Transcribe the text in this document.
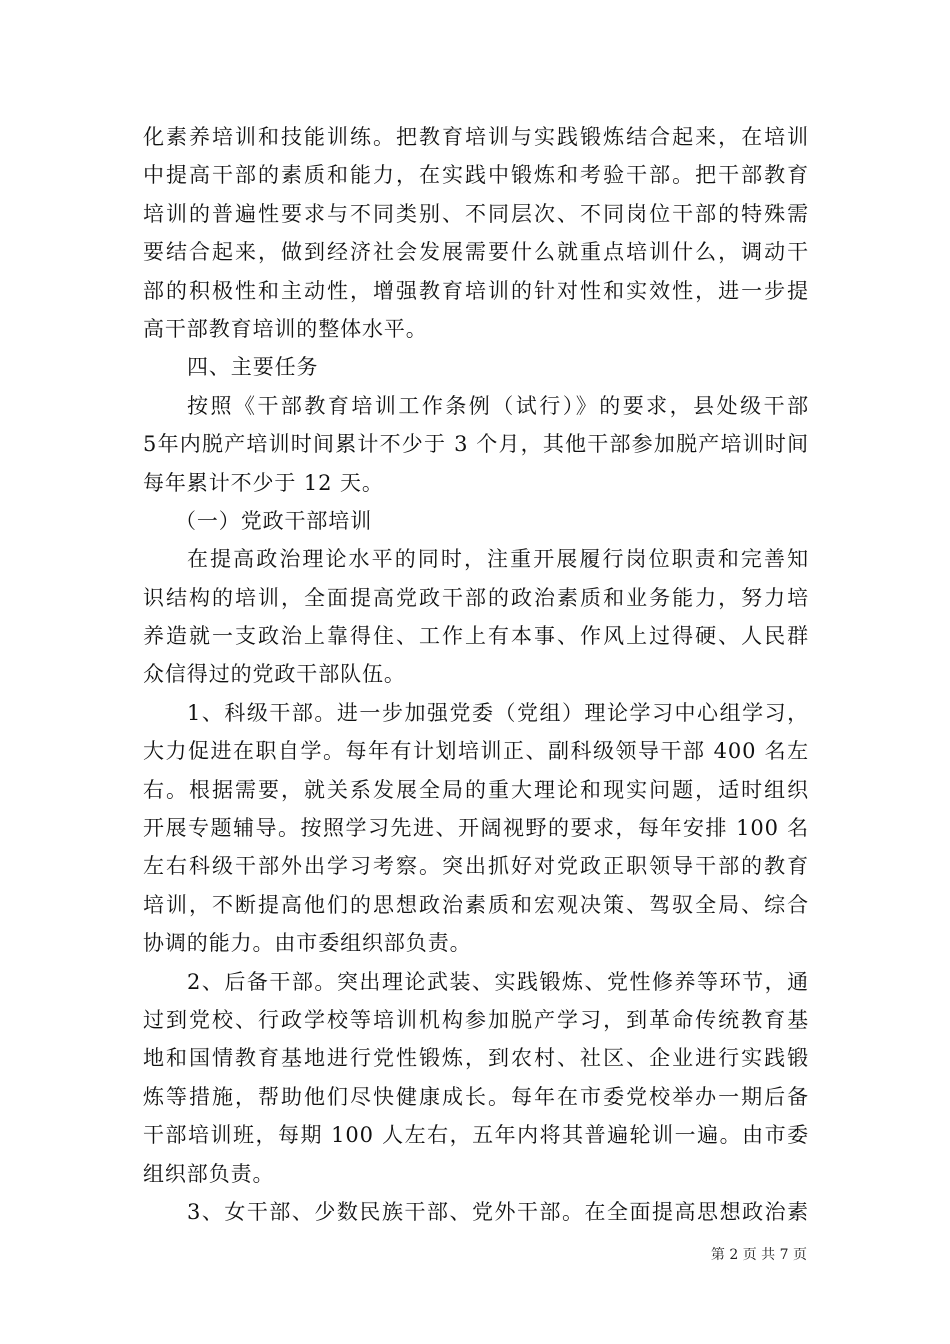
化素养培训和技能训练。把教育培训与实践锻炼结合起来，在培训
中提高干部的素质和能力，在实践中锻炼和考验干部。把干部教育
培训的普遍性要求与不同类别、不同层次、不同岗位干部的特殊需
要结合起来，做到经济社会发展需要什么就重点培训什么，调动干
部的积极性和主动性，增强教育培训的针对性和实效性，进一步提
高干部教育培训的整体水平。
四、主要任务
按照《干部教育培训工作条例（试行）》的要求，县处级干部
5年内脱产培训时间累计不少于 3 个月，其他干部参加脱产培训时间
每年累计不少于 12 天。
（一）党政干部培训
在提高政治理论水平的同时，注重开展履行岗位职责和完善知
识结构的培训，全面提高党政干部的政治素质和业务能力，努力培
养造就一支政治上靠得住、工作上有本事、作风上过得硬、人民群
众信得过的党政干部队伍。
1、科级干部。进一步加强党委（党组）理论学习中心组学习，
大力促进在职自学。每年有计划培训正、副科级领导干部 400 名左
右。根据需要，就关系发展全局的重大理论和现实问题，适时组织
开展专题辅导。按照学习先进、开阔视野的要求，每年安排 100 名
左右科级干部外出学习考察。突出抓好对党政正职领导干部的教育
培训，不断提高他们的思想政治素质和宏观决策、驾驭全局、综合
协调的能力。由市委组织部负责。
2、后备干部。突出理论武装、实践锻炼、党性修养等环节，通
过到党校、行政学校等培训机构参加脱产学习，到革命传统教育基
地和国情教育基地进行党性锻炼，到农村、社区、企业进行实践锻
炼等措施，帮助他们尽快健康成长。每年在市委党校举办一期后备
干部培训班，每期 100 人左右，五年内将其普遍轮训一遍。由市委
组织部负责。
3、女干部、少数民族干部、党外干部。在全面提高思想政治素
第 2 页 共 7 页
